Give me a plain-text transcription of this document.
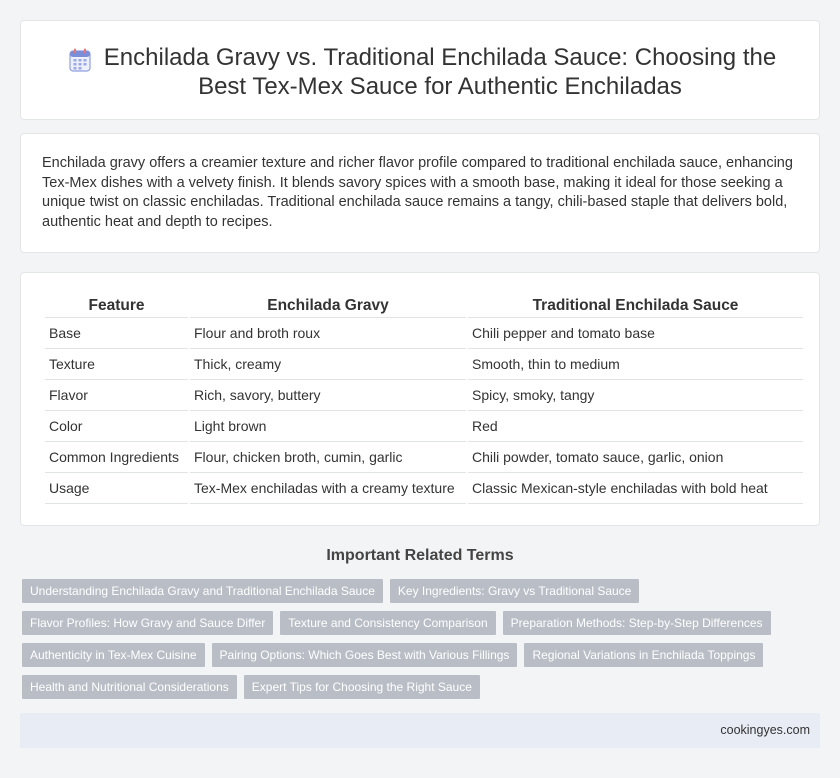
Enchilada Gravy vs. Traditional Enchilada Sauce: Choosing the Best Tex-Mex Sauce for Authentic Enchiladas

Enchilada gravy offers a creamier texture and richer flavor profile compared to traditional enchilada sauce, enhancing Tex-Mex dishes with a velvety finish. It blends savory spices with a smooth base, making it ideal for those seeking a unique twist on classic enchiladas. Traditional enchilada sauce remains a tangy, chili-based staple that delivers bold, authentic heat and depth to recipes.

Feature	Enchilada Gravy	Traditional Enchilada Sauce
Base	Flour and broth roux	Chili pepper and tomato base
Texture	Thick, creamy	Smooth, thin to medium
Flavor	Rich, savory, buttery	Spicy, smoky, tangy
Color	Light brown	Red
Common Ingredients	Flour, chicken broth, cumin, garlic	Chili powder, tomato sauce, garlic, onion
Usage	Tex-Mex enchiladas with a creamy texture	Classic Mexican-style enchiladas with bold heat
Important Related Terms
Understanding Enchilada Gravy and Traditional Enchilada Sauce	Key Ingredients: Gravy vs Traditional Sauce
Flavor Profiles: How Gravy and Sauce Differ	Texture and Consistency Comparison	Preparation Methods: Step-by-Step Differences
Authenticity in Tex-Mex Cuisine	Pairing Options: Which Goes Best with Various Fillings	Regional Variations in Enchilada Toppings
Health and Nutritional Considerations	Expert Tips for Choosing the Right Sauce
cookingyes.com
